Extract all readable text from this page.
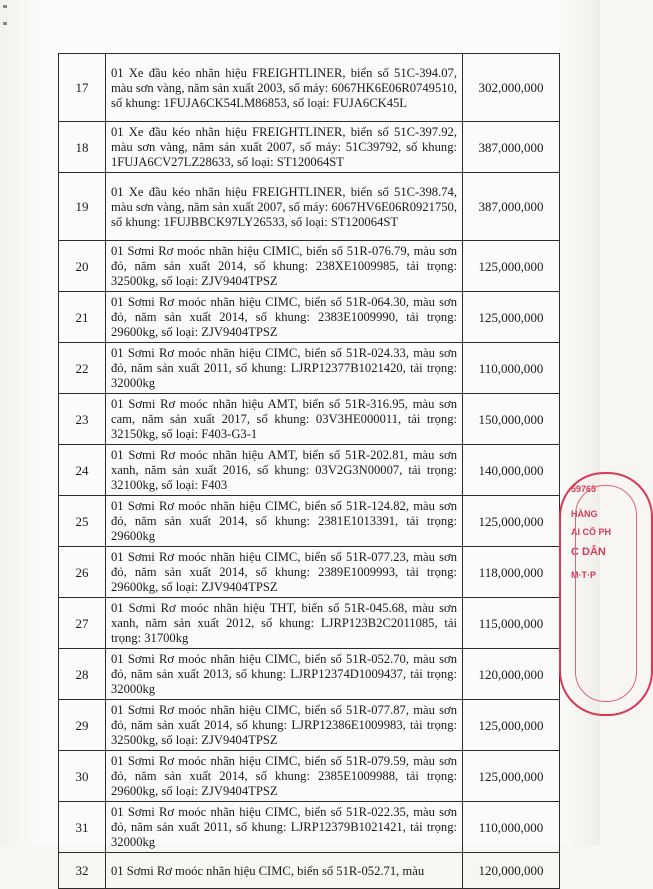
17	01 Xe đầu kéo nhãn hiệu FREIGHTLINER, biển số 51C-394.07, màu sơn vàng, năm sản xuất 2003, số máy: 6067HK6E06R0749510, số khung: 1FUJA6CK54LM86853, số loại: FUJA6CK45L	302,000,000
18	01 Xe đầu kéo nhãn hiệu FREIGHTLINER, biển số 51C-397.92, màu sơn vàng, năm sản xuất 2007, số máy: 51C39792, số khung: 1FUJA6CV27LZ28633, số loại: ST120064ST	387,000,000
19	01 Xe đầu kéo nhãn hiệu FREIGHTLINER, biển số 51C-398.74, màu sơn vàng, năm sản xuất 2007, số máy: 6067HV6E06R0921750, số khung: 1FUJBBCK97LY26533, số loại: ST120064ST	387,000,000
20	01 Sơmi Rơ moóc nhãn hiệu CIMIC, biển số 51R-076.79, màu sơn đỏ, năm sản xuất 2014, số khung: 238XE1009985, tải trọng: 32500kg, số loại: ZJV9404TPSZ	125,000,000
21	01 Sơmi Rơ moóc nhãn hiệu CIMC, biển số 51R-064.30, màu sơn đỏ, năm sản xuất 2014, số khung: 2383E1009990, tải trọng: 29600kg, số loại: ZJV9404TPSZ	125,000,000
22	01 Sơmi Rơ moóc nhãn hiệu CIMC, biển số 51R-024.33, màu sơn đỏ, năm sản xuất 2011, số khung: LJRP12377B1021420, tải trọng: 32000kg	110,000,000
23	01 Sơmi Rơ moóc nhãn hiệu AMT, biển số 51R-316.95, màu sơn cam, năm sản xuất 2017, số khung: 03V3HE000011, tải trọng: 32150kg, số loại: F403-G3-1	150,000,000
24	01 Sơmi Rơ moóc nhãn hiệu AMT, biển số 51R-202.81, màu sơn xanh, năm sản xuất 2016, số khung: 03V2G3N00007, tải trọng: 32100kg, số loại: F403	140,000,000
25	01 Sơmi Rơ moóc nhãn hiệu CIMC, biển số 51R-124.82, màu sơn đỏ, năm sản xuất 2014, số khung: 2381E1013391, tải trọng: 29600kg	125,000,000
26	01 Sơmi Rơ moóc nhãn hiệu CIMC, biển số 51R-077.23, màu sơn đỏ, năm sản xuất 2014, số khung: 2389E1009993, tải trọng: 29600kg, số loại: ZJV9404TPSZ	118,000,000
27	01 Sơmi Rơ moóc nhãn hiệu THT, biển số 51R-045.68, màu sơn xanh, năm sản xuất 2012, số khung: LJRP123B2C2011085, tải trọng: 31700kg	115,000,000
28	01 Sơmi Rơ moóc nhãn hiệu CIMC, biển số 51R-052.70, màu sơn đỏ, năm sản xuất 2013, số khung: LJRP12374D1009437, tải trọng: 32000kg	120,000,000
29	01 Sơmi Rơ moóc nhãn hiệu CIMC, biển số 51R-077.87, màu sơn đỏ, năm sản xuất 2014, số khung: LJRP12386E1009983, tải trọng: 32500kg, số loại: ZJV9404TPSZ	125,000,000
30	01 Sơmi Rơ moóc nhãn hiệu CIMC, biển số 51R-079.59, màu sơn đỏ, năm sản xuất 2014, số khung: 2385E1009988, tải trọng: 29600kg, số loại: ZJV9404TPSZ	125,000,000
31	01 Sơmi Rơ moóc nhãn hiệu CIMC, biển số 51R-022.35, màu sơn đỏ, năm sản xuất 2011, số khung: LJRP12379B1021421, tải trọng: 32000kg	110,000,000
32	01 Sơmi Rơ moóc nhãn hiệu CIMC, biển số 51R-052.71, màu	120,000,000
59765
HÀNG
AI CỔ PH
C DÂN
M·T·P
